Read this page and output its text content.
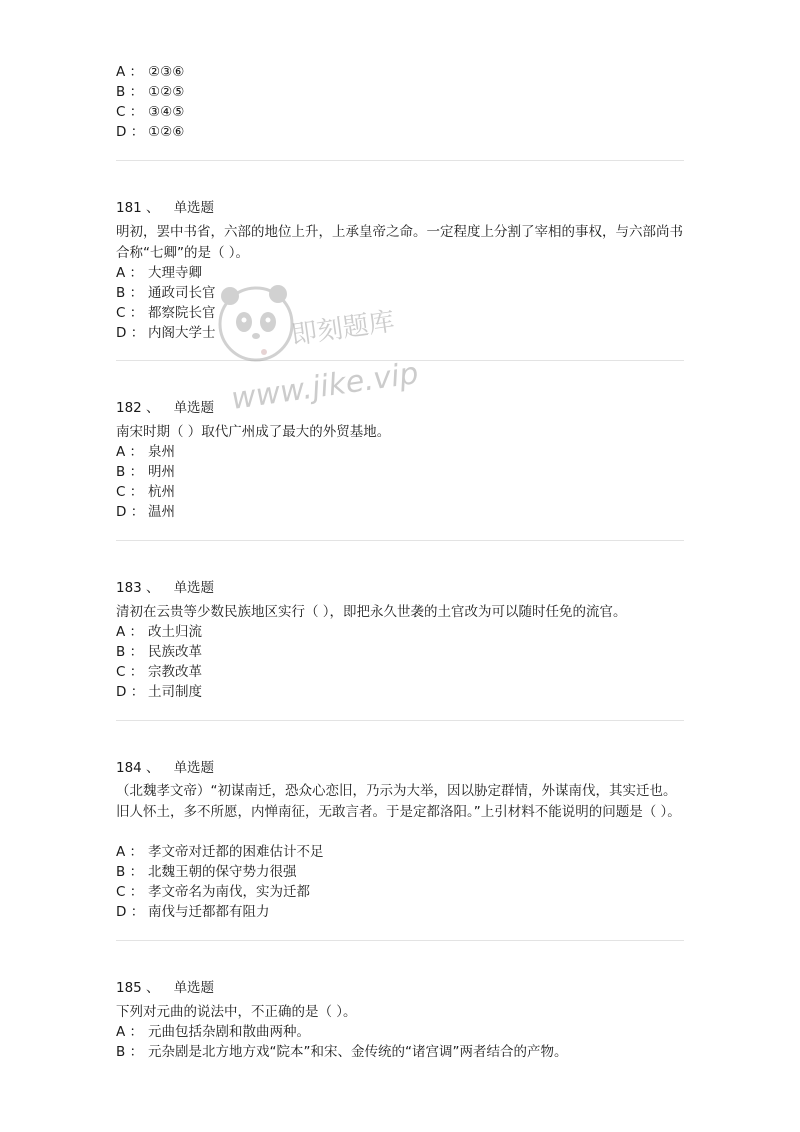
A ： ②③⑥
B ： ①②⑤
C ： ③④⑤
D ： ①②⑥
181 、 单选题
明初，罢中书省，六部的地位上升，上承皇帝之命。一定程度上分割了宰相的事权，与六部尚书合称“七卿”的是（ ）。
A ： 大理寺卿
B ： 通政司长官
C ： 都察院长官
D ： 内阁大学士
182 、 单选题
南宋时期（ ）取代广州成了最大的外贸基地。
A ： 泉州
B ： 明州
C ： 杭州
D ： 温州
183 、 单选题
清初在云贵等少数民族地区实行（ ），即把永久世袭的土官改为可以随时任免的流官。
A ： 改土归流
B ： 民族改革
C ： 宗教改革
D ： 土司制度
184 、 单选题
（北魏孝文帝）“初谋南迁，恐众心恋旧，乃示为大举，因以胁定群情，外谋南伐，其实迁也。旧人怀土，多不所愿，内惮南征，无敢言者。于是定都洛阳。”上引材料不能说明的问题是（ ）。
A ： 孝文帝对迁都的困难估计不足
B ： 北魏王朝的保守势力很强
C ： 孝文帝名为南伐，实为迁都
D ： 南伐与迁都都有阻力
185 、 单选题
下列对元曲的说法中，不正确的是（ ）。
A ： 元曲包括杂剧和散曲两种。
B ： 元杂剧是北方地方戏“院本”和宋、金传统的“诸宫调”两者结合的产物。
即刻题库
www.jike.vip
